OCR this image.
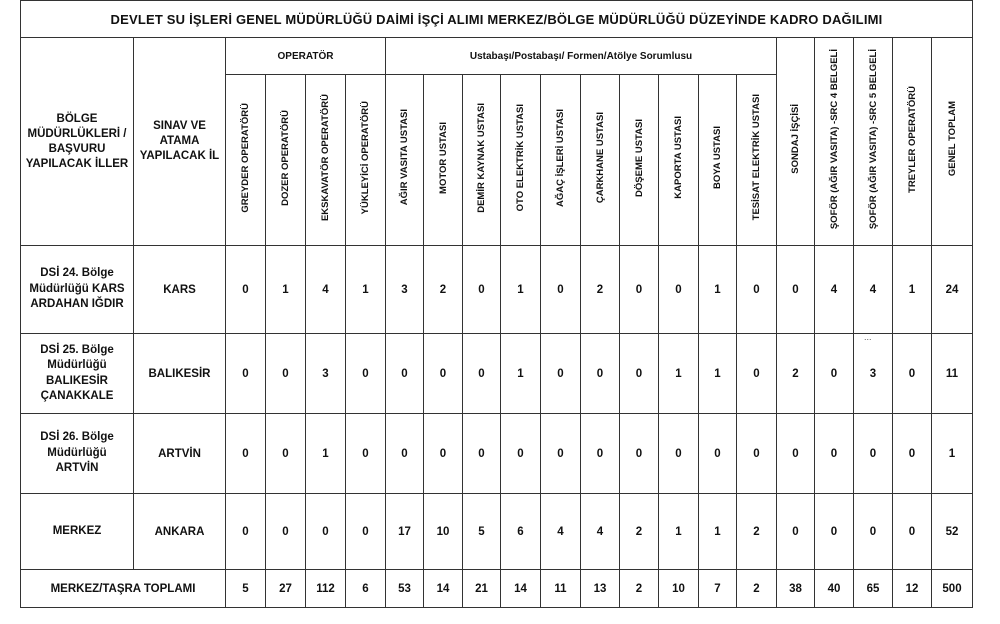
DEVLET SU İŞLERİ GENEL MÜDÜRLÜĞÜ DAİMİ İŞÇİ ALIMI MERKEZ/BÖLGE MÜDÜRLÜĞÜ DÜZEYİNDE KADRO DAĞILIMI																				
BÖLGE MÜDÜRLÜKLERİ / BAŞVURU YAPILACAK İLLER	SINAV VE ATAMA YAPILACAK İL	OPERATÖR				Ustabaşı/Postabaşı/ Formen/Atölye Sorumlusu										SONDAJ İŞÇİSİ	ŞOFÖR (AĞIR VASITA) -SRC 4 BELGELİ	ŞOFÖR (AĞIR VASITA) -SRC 5 BELGELİ	TREYLER OPERATÖRÜ	GENEL TOPLAM
		GREYDER OPERATÖRÜ	DOZER OPERATÖRÜ	EKSKAVATÖR OPERATÖRÜ	YÜKLEYİCİ OPERATÖRÜ	AĞIR VASITA USTASI	MOTOR USTASI	DEMİR KAYNAK USTASI	OTO ELEKTRİK USTASI	AĞAÇ İŞLERİ USTASI	ÇARKHANE USTASI	DÖŞEME USTASI	KAPORTA USTASI	BOYA USTASI	TESİSAT ELEKTRİK USTASI					
DSİ 24. Bölge Müdürlüğü KARS ARDAHAN IĞDIR	KARS	0	1	4	1	3	2	0	1	0	2	0	0	1	0	0	4	4	1	24
DSİ 25. Bölge Müdürlüğü BALIKESİR ÇANAKKALE	BALIKESİR	0	0	3	0	0	0	0	1	0	0	0	1	1	0	2	0	3	0	11
DSİ 26. Bölge Müdürlüğü ARTVİN	ARTVİN	0	0	1	0	0	0	0	0	0	0	0	0	0	0	0	0	0	0	1
MERKEZ	ANKARA	0	0	0	0	17	10	5	6	4	4	2	1	1	2	0	0	0	0	52
MERKEZ/TAŞRA TOPLAMI		5	27	112	6	53	14	21	14	11	13	2	10	7	2	38	40	65	12	500
...
